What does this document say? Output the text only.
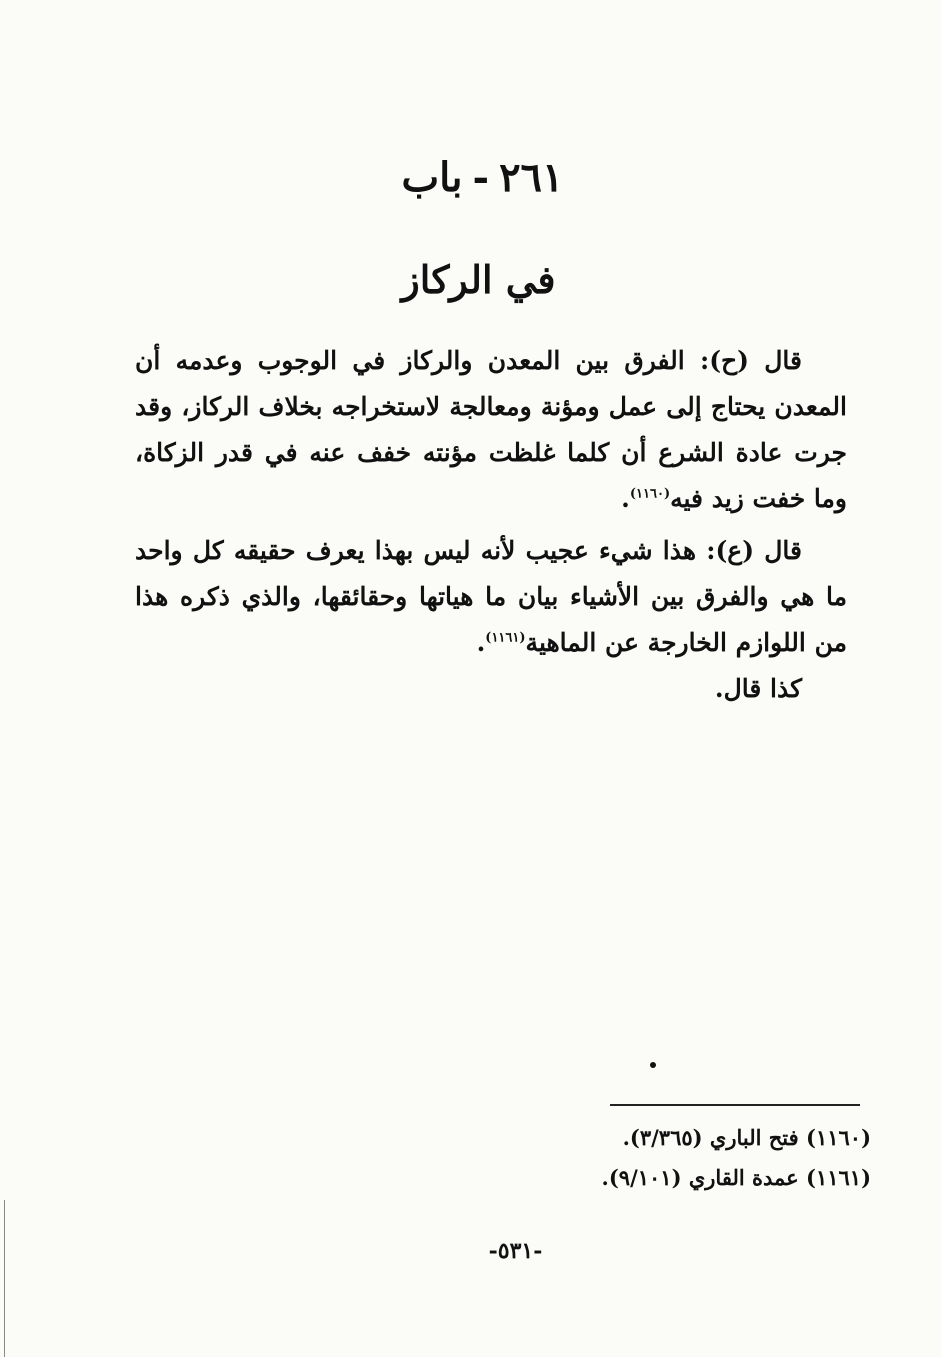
٢٦١-باب
في الركاز

قال (ح): الفرق بين المعدن والركاز في الوجوب وعدمه أن المعدن يحتاج إلى عمل ومؤنة ومعالجة لاستخراجه بخلاف الركاز، وقد جرت عادة الشرع أن كلما غلظت مؤنته خفف عنه في قدر الزكاة، وما خفت زيد فيه$^{(١١٦٠)}$.

قال (ع): هذا شيء عجيب لأنه ليس بهذا يعرف حقيقه كل واحد ما هي والفرق بين الأشياء بيان ما هياتها وحقائقها، والذي ذكره هذا من اللوازم الخارجة عن الماهية$^{(١١٦١)}$.

كذا قال.

(١١٦٠) فتح الباري (٣/٣٦٥).

(١١٦١) عمدة القاري (٩/١٠١).

-٥٣١-
